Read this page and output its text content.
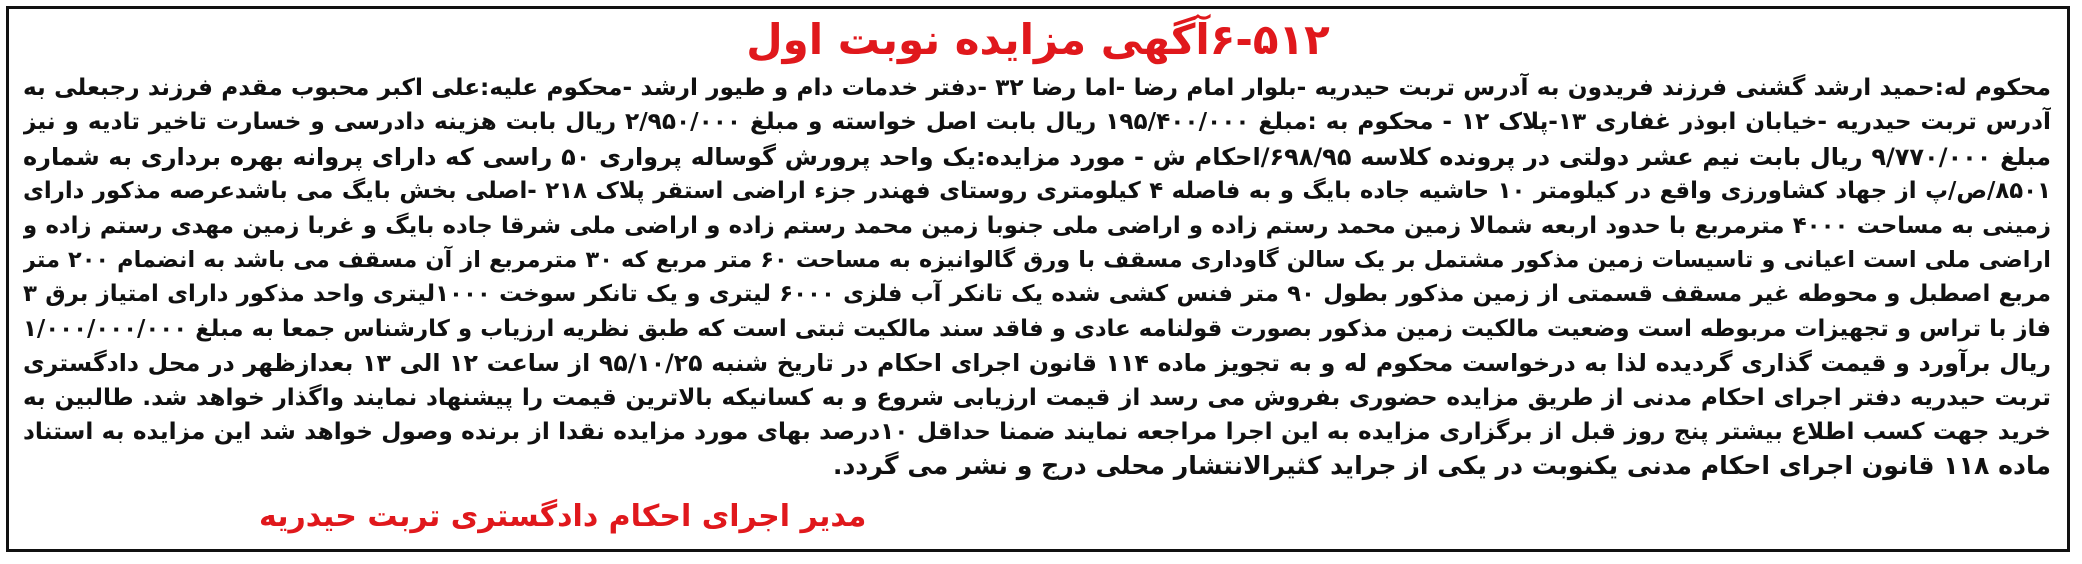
۶-۵۱۲آگهی مزایده نوبت اول
محکوم له:حمید ارشد گشنی فرزند فریدون به آدرس تربت حیدریه -بلوار امام رضا -اما رضا ۳۲ -دفتر خدمات دام و طیور ارشد -محکوم علیه:علی اکبر محبوب مقدم فرزند رجبعلی به
آدرس تربت حیدریه -خیابان ابوذر غفاری ۱۳-پلاک ۱۲ - محکوم به :مبلغ ۱۹۵/۴۰۰/۰۰۰ ریال بابت اصل خواسته و مبلغ ۲/۹۵۰/۰۰۰ ریال بابت هزینه دادرسی و خسارت تاخیر تادیه و نیز
مبلغ ۹/۷۷۰/۰۰۰ ریال بابت نیم عشر دولتی در پرونده کلاسه ۶۹۸/۹۵/احکام ش - مورد مزایده:یک واحد پرورش گوساله پرواری ۵۰ راسی که دارای پروانه بهره برداری به شماره
۸۵۰۱/ص/پ از جهاد کشاورزی واقع در کیلومتر ۱۰ حاشیه جاده بایگ و به فاصله ۴ کیلومتری روستای فهندر جزء اراضی استقر پلاک ۲۱۸ -اصلی بخش بایگ می باشدعرصه مذکور دارای
زمینی به مساحت ۴۰۰۰ مترمربع با حدود اربعه شمالا زمین محمد رستم زاده و اراضی ملی جنوبا زمین محمد رستم زاده و اراضی ملی شرقا جاده بایگ و غربا زمین مهدی رستم زاده و
اراضی ملی است اعیانی و تاسیسات زمین مذکور مشتمل بر یک سالن گاوداری مسقف با ورق گالوانیزه به مساحت ۶۰ متر مربع که ۳۰ مترمربع از آن مسقف می باشد به انضمام ۲۰۰ متر
مربع اصطبل و محوطه غیر مسقف قسمتی از زمین مذکور بطول ۹۰ متر فنس کشی شده یک تانکر آب فلزی ۶۰۰۰ لیتری و یک تانکر سوخت ۱۰۰۰لیتری واحد مذکور دارای امتیاز برق ۳
فاز با تراس و تجهیزات مربوطه است وضعیت مالکیت زمین مذکور بصورت قولنامه عادی و فاقد سند مالکیت ثبتی است که طبق نظریه ارزیاب و کارشناس جمعا به مبلغ ۱/۰۰۰/۰۰۰/۰۰۰
ریال برآورد و قیمت گذاری گردیده لذا به درخواست محکوم له و به تجویز ماده ۱۱۴ قانون اجرای احکام در تاریخ شنبه ۹۵/۱۰/۲۵ از ساعت ۱۲ الی ۱۳ بعدازظهر در محل دادگستری
تربت حیدریه دفتر اجرای احکام مدنی از طریق مزایده حضوری بفروش می رسد از قیمت ارزیابی شروع و به کسانیکه بالاترین قیمت را پیشنهاد نمایند واگذار خواهد شد. طالبین به
خرید جهت کسب اطلاع بیشتر پنج روز قبل از برگزاری مزایده به این اجرا مراجعه نمایند ضمنا حداقل ۱۰درصد بهای مورد مزایده نقدا از برنده وصول خواهد شد این مزایده به استناد
ماده ۱۱۸ قانون اجرای احکام مدنی یکنوبت در یکی از جراید کثیرالانتشار محلی درج و نشر می گردد.
مدیر اجرای احکام دادگستری تربت حیدریه
